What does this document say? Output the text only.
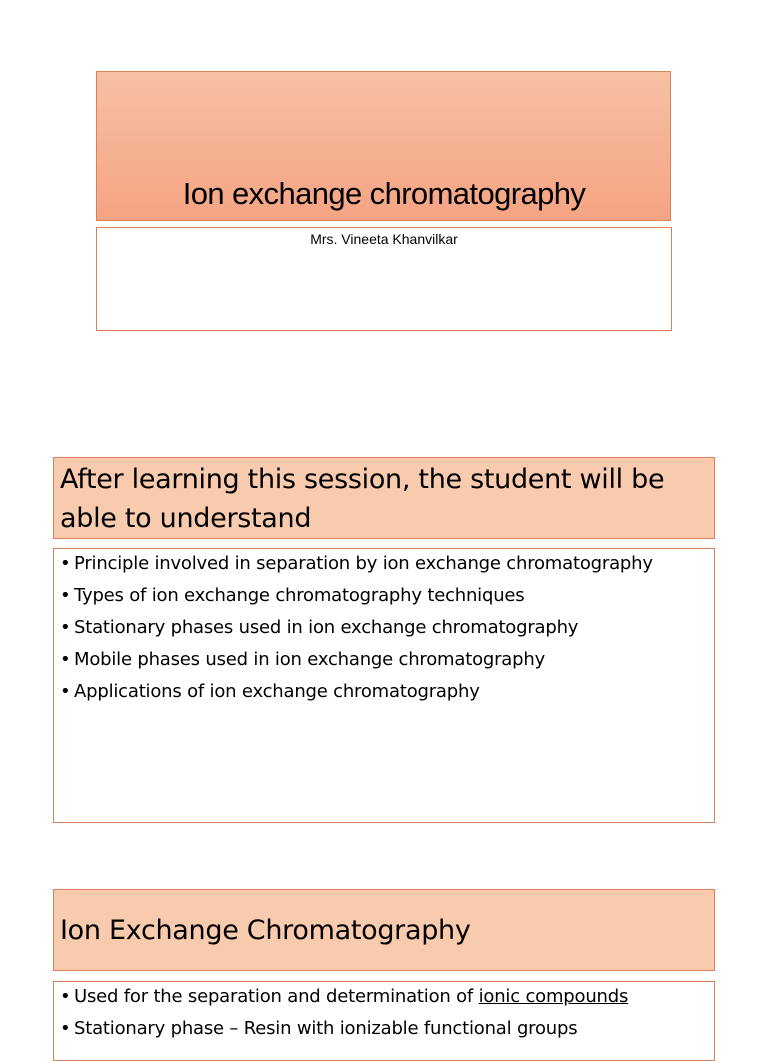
Ion exchange chromatography
Mrs. Vineeta Khanvilkar
After learning this session, the student will be able to understand
• Principle involved in separation by ion exchange chromatography
• Types of ion exchange chromatography techniques
• Stationary phases used in ion exchange chromatography
• Mobile phases used in ion exchange chromatography
• Applications of ion exchange chromatography
Ion Exchange Chromatography
• Used for the separation and determination of ionic compounds
• Stationary phase – Resin with ionizable functional groups
